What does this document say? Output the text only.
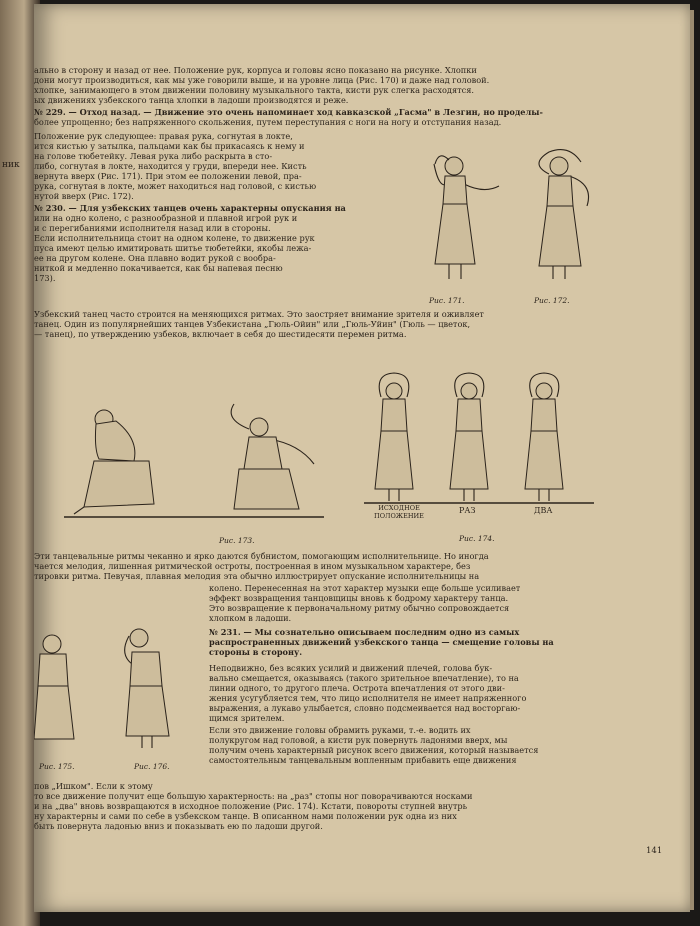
ник

ально в сторону и назад от нее. Положение рук, корпуса и головы ясно показано на рисунке. Хлопки

дони могут производиться, как мы уже говорили выше, и на уровне лица (Рис. 170) и даже над головой.

хлопке, занимающего в этом движении половину музыкального такта, кисти рук слегка расходятся.

ых движениях узбекского танца хлопки в ладоши производятся и реже.

№ 229. — Отход назад. — Движение это очень напоминает ход кавказской „Гасма" в Лезгин, но проделы-

более упрощенно; без напряженного скольжения, путем переступания с ноги на ногу и отступания назад.

Положение рук следующее: правая рука, согнутая в локте,

ится кистью у затылка, пальцами как бы прикасаясь к нему и

на голове тюбетейку. Левая рука либо раскрыта в сто-

либо, согнутая в локте, находится у груди, впереди нее. Кисть

вернута вверх (Рис. 171). При этом ее положении левой, пра-

рука, согнутая в локте, может находиться над головой, с кистью

нутой вверх (Рис. 172).

№ 230. — Для узбекских танцев очень характерны опускания на

или на одно колено, с разнообразной и плавной игрой рук и

и с перегибаниями исполнителя назад или в стороны.

Если исполнительница стоит на одном колене, то движение рук

пуса имеют целью имитировать шитье тюбетейки, якобы лежа-

ее на другом колене. Она плавно водит рукой с вообра-

ниткой и медленно покачивается, как бы напевая песню

173).

Рис. 171.	Рис. 172.

Узбекский танец часто строится на меняющихся ритмах. Это заостряет внимание зрителя и оживляет

танец. Один из популярнейших танцев Узбекистана „Гюль-Ойин" или „Гюль-Уйин" (Гюль — цветок,

— танец), по утверждению узбеков, включает в себя до шестидесяти перемен ритма.

Рис. 173.
ИСХОДНОЕ ПОЛОЖЕНИЕ
РАЗ	ДВА
Рис. 174.

Эти танцевальные ритмы чеканно и ярко даются бубнистом, помогающим исполнительнице. Но иногда

чается мелодия, лишенная ритмической остроты, построенная в ином музыкальном характере, без

тировки ритма. Певучая, плавная мелодия эта обычно иллюстрирует опускание исполнительницы на

колено. Перенесенная на этот характер музыки еще больше усиливает

эффект возвращения танцовщицы вновь к бодрому характеру танца.

Это возвращение к первоначальному ритму обычно сопровождается

хлопком в ладоши.

№ 231. — Мы сознательно описываем последним одно из самых

распространенных движений узбекского танца — смещение головы на

стороны в сторону.

Рис. 175.	Рис. 176.

Неподвижно, без всяких усилий и движений плечей, голова бук-

вально смещается, оказываясь (такого зрительное впечатление), то на

линии одного, то другого плеча. Острота впечатления от этого дви-

жения усугубляется тем, что лицо исполнителя не имеет напряженного

выражения, а лукаво улыбается, словно подсмеивается над восторгаю-

щимся зрителем.

Если это движение головы обрамить руками, т.-е. водить их

полукругом над головой, а кисти рук повернуть ладонями вверх, мы

получим очень характерный рисунок всего движения, который называется

самостоятельным танцевальным вопленным прибавить еще движения

то все движение получит еще большую характерность: на „раз" стопы ног поворачиваются носками

и на „два" вновь возвращаются в исходное положение (Рис. 174). Кстати, повороты ступней внутрь

ну характерны и сами по себе в узбекском танце. В описанном нами положении рук одна из них

быть повернута ладонью вниз и показывать ею по ладоши другой.

пов „Ишком". Если к этому

141
